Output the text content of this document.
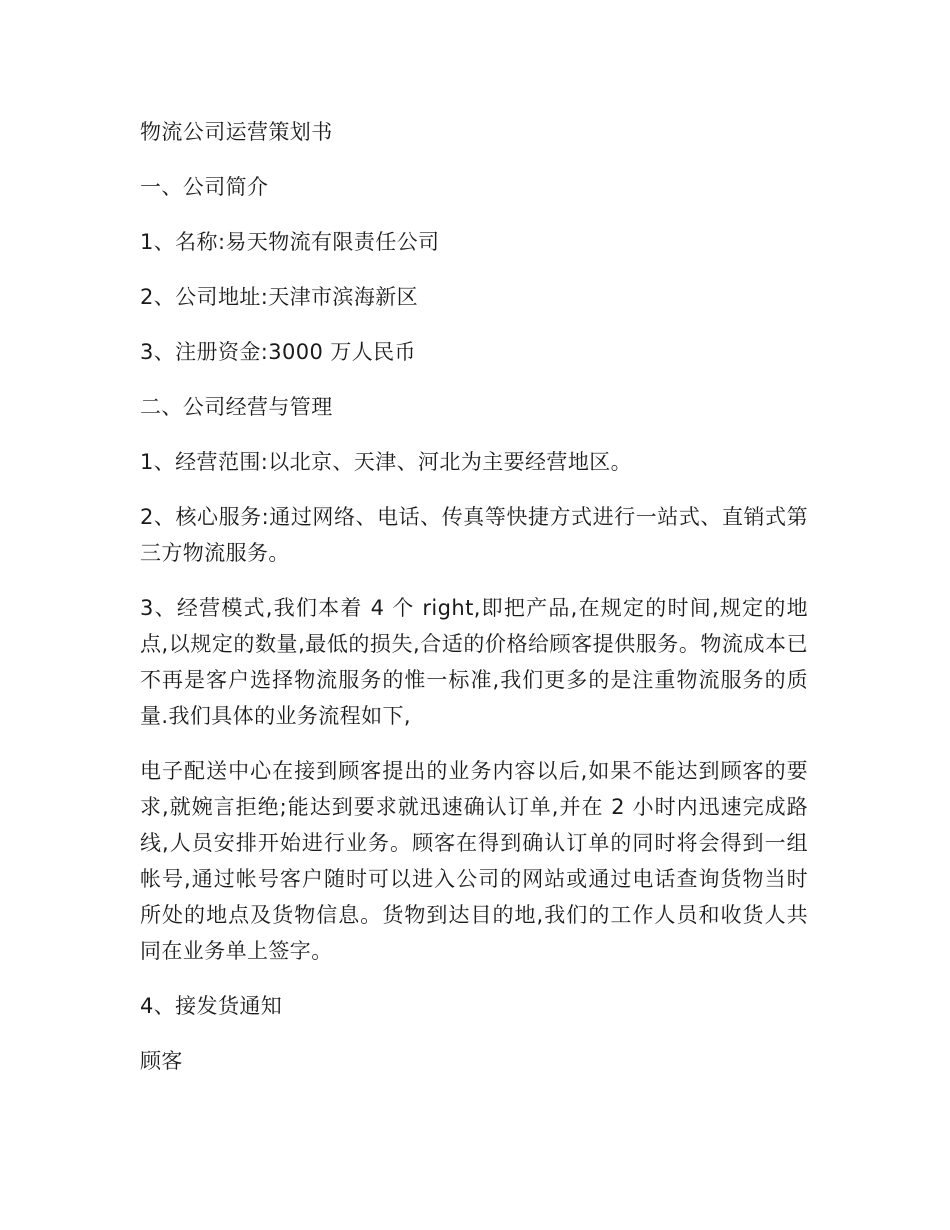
物流公司运营策划书

一、公司简介

1、名称:易天物流有限责任公司

2、公司地址:天津市滨海新区

3、注册资金:3000 万人民币

二、公司经营与管理

1、经营范围:以北京、天津、河北为主要经营地区。

2、核心服务:通过网络、电话、传真等快捷方式进行一站式、直销式第三方物流服务。

3、经营模式,我们本着 4 个 right,即把产品,在规定的时间,规定的地点,以规定的数量,最低的损失,合适的价格给顾客提供服务。物流成本已不再是客户选择物流服务的惟一标准,我们更多的是注重物流服务的质量.我们具体的业务流程如下,

电子配送中心在接到顾客提出的业务内容以后,如果不能达到顾客的要求,就婉言拒绝;能达到要求就迅速确认订单,并在 2 小时内迅速完成路线,人员安排开始进行业务。顾客在得到确认订单的同时将会得到一组帐号,通过帐号客户随时可以进入公司的网站或通过电话查询货物当时所处的地点及货物信息。货物到达目的地,我们的工作人员和收货人共同在业务单上签字。

4、接发货通知

顾客
